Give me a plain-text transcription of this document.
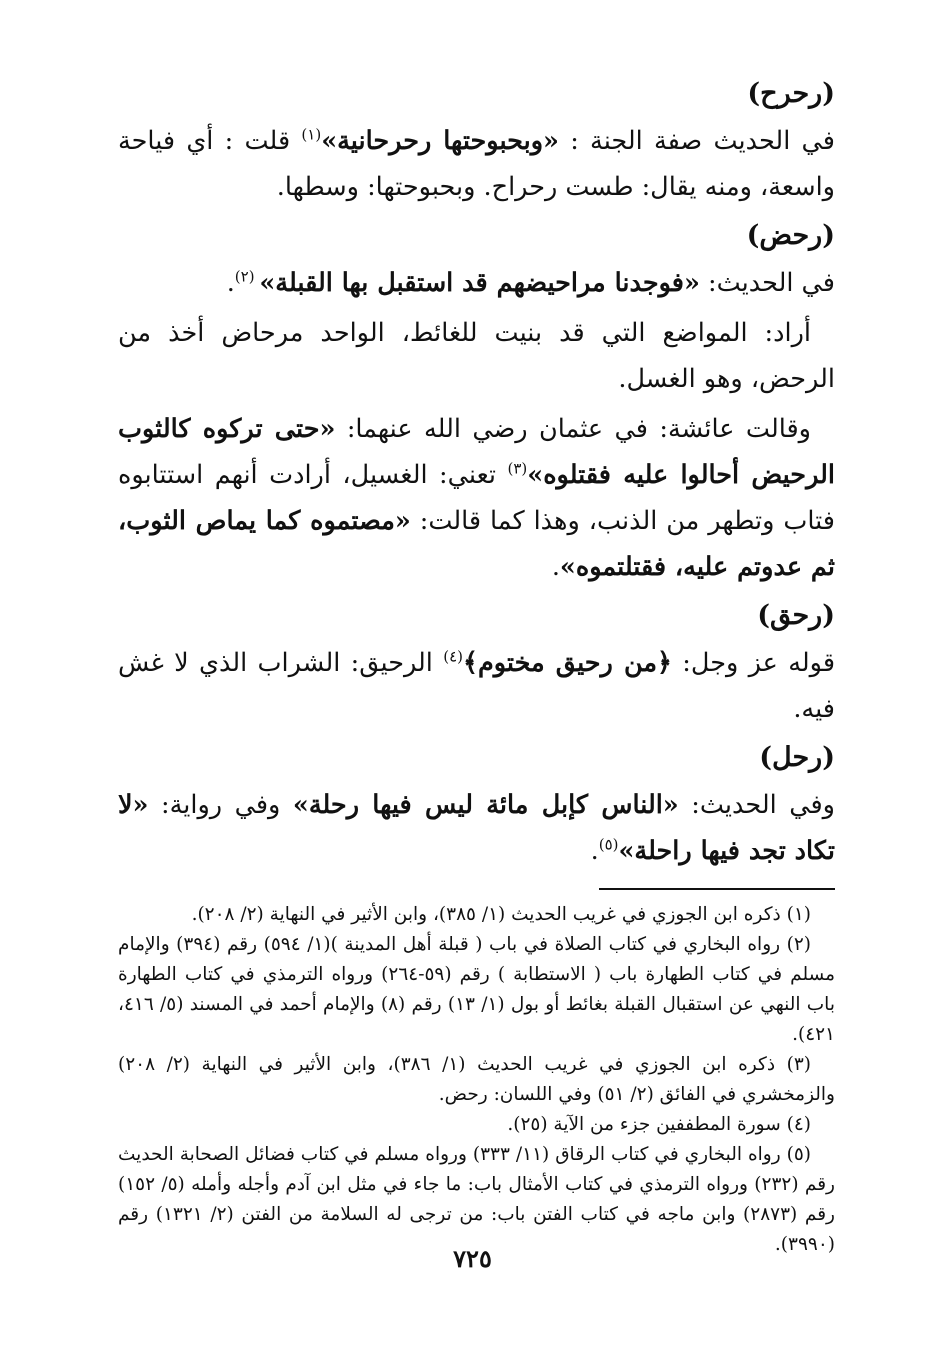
(رحرح)

في الحديث صفة الجنة : «وبحبوحتها رحرحانية»$^{(١)}$ قلت : أي فياحة واسعة، ومنه يقال: طست رحراح. وبحبوحتها: وسطها.

(رحض)

في الحديث: «فوجدنا مراحيضهم قد استقبل بها القبلة» $^{(٢)}$.

أراد: المواضع التي قد بنيت للغائط، الواحد مرحاض أخذ من الرحض، وهو الغسل.

وقالت عائشة: في عثمان رضي الله عنهما: «حتى تركوه كالثوب الرحيض أحالوا عليه فقتلوه»$^{(٣)}$ تعني: الغسيل، أرادت أنهم استتابوه فتاب وتطهر من الذنب، وهذا كما قالت: «مصتموه كما يماص الثوب، ثم عدوتم عليه، فقتلتموه».

(رحق)

قوله عز وجل: ﴿من رحيق مختوم﴾$^{(٤)}$ الرحيق: الشراب الذي لا غش فيه.

(رحل)

وفي الحديث: «الناس كإبل مائة ليس فيها رحلة» وفي رواية: «لا تكاد تجد فيها راحلة»$^{(٥)}$.

(١) ذكره ابن الجوزي في غريب الحديث (١/ ٣٨٥)، وابن الأثير في النهاية (٢/ ٢٠٨).

(٢) رواه البخاري في كتاب الصلاة في باب ( قبلة أهل المدينة )(١/ ٥٩٤) رقم (٣٩٤) والإمام مسلم في كتاب الطهارة باب ( الاستطابة ) رقم (٥٩-٢٦٤) ورواه الترمذي في كتاب الطهارة باب النهي عن استقبال القبلة بغائط أو بول (١/ ١٣) رقم (٨) والإمام أحمد في المسند (٥/ ٤١٦، ٤٢١).

(٣) ذكره ابن الجوزي في غريب الحديث (١/ ٣٨٦)، وابن الأثير في النهاية (٢/ ٢٠٨) والزمخشري في الفائق (٢/ ٥١) وفي اللسان: رحض.

(٤) سورة المطففين جزء من الآية (٢٥).

(٥) رواه البخاري في كتاب الرقاق (١١/ ٣٣٣) ورواه مسلم في كتاب فضائل الصحابة الحديث رقم (٢٣٢) ورواه الترمذي في كتاب الأمثال باب: ما جاء في مثل ابن آدم وأجله وأمله (٥/ ١٥٢) رقم (٢٨٧٣) وابن ماجه في كتاب الفتن باب: من ترجى له السلامة من الفتن (٢/ ١٣٢١) رقم (٣٩٩٠).

٧٢٥
